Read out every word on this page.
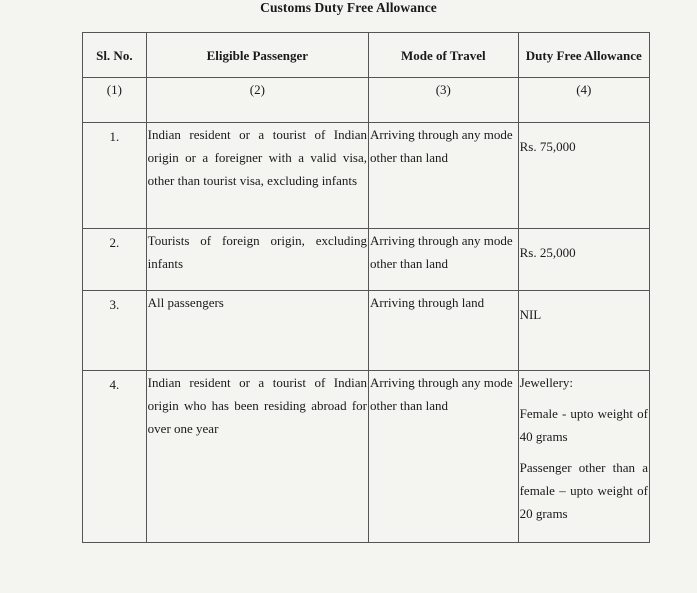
Customs Duty Free Allowance
Sl. No.	Eligible Passenger	Mode of Travel	Duty Free Allowance
(1)	(2)	(3)	(4)
1.	Indian resident or a tourist of Indian origin or a foreigner with a valid visa, other than tourist visa, excluding infants	Arriving through any mode other than land	Rs. 75,000

2.	Tourists of foreign origin, excluding infants	Arriving through any mode other than land	Rs. 25,000

3.	All passengers	Arriving through land	NIL

4.	Indian resident or a tourist of Indian origin who has been residing abroad for over one year	Arriving through any mode other than land	Jewellery:

Female - upto weight of 40 grams

Passenger other than a female – upto weight of 20 grams
